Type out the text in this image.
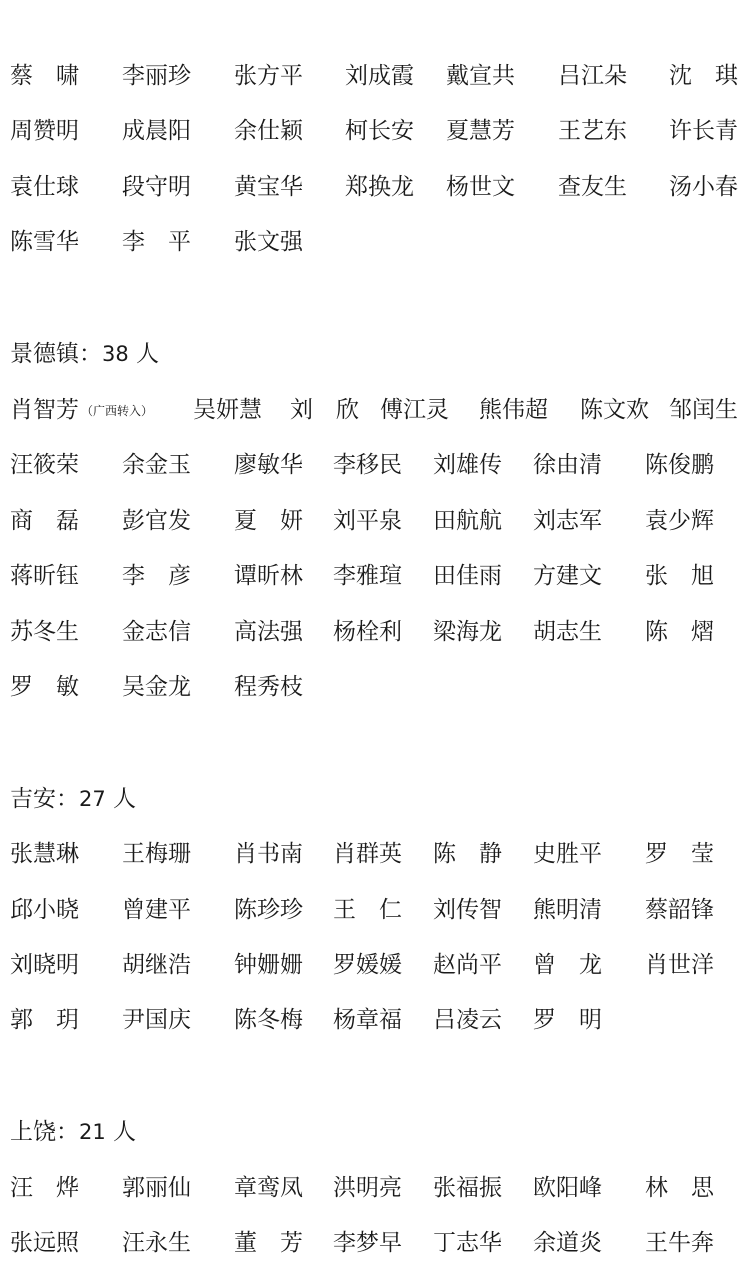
蔡　啸 李丽珍 张方平 刘成霞 戴宣共 吕江朵 沈　琪
周赞明 成晨阳 余仕颖 柯长安 夏慧芳 王艺东 许长青
袁仕球 段守明 黄宝华 郑换龙 杨世文 查友生 汤小春
陈雪华 李　平 张文强
景德镇：38 人
肖智芳 （广西转入） 吴妍慧 刘　欣 傅江灵 熊伟超 陈文欢 邹闰生
汪筱荣 余金玉 廖敏华 李移民 刘雄传 徐由清 陈俊鹏
商　磊 彭官发 夏　妍 刘平泉 田航航 刘志军 袁少辉
蒋昕钰 李　彦 谭昕林 李雅瑄 田佳雨 方建文 张　旭
苏冬生 金志信 高法强 杨栓利 梁海龙 胡志生 陈　熠
罗　敏 吴金龙 程秀枝
吉安：27 人
张慧琳 王梅珊 肖书南 肖群英 陈　静 史胜平 罗　莹
邱小晓 曾建平 陈珍珍 王　仁 刘传智 熊明清 蔡韶锋
刘晓明 胡继浩 钟姗姗 罗媛媛 赵尚平 曾　龙 肖世洋
郭　玥 尹国庆 陈冬梅 杨章福 吕凌云 罗　明
上饶：21 人
汪　烨 郭丽仙 章鸾凤 洪明亮 张福振 欧阳峰 林　思
张远照 汪永生 董　芳 李梦早 丁志华 余道炎 王牛奔
